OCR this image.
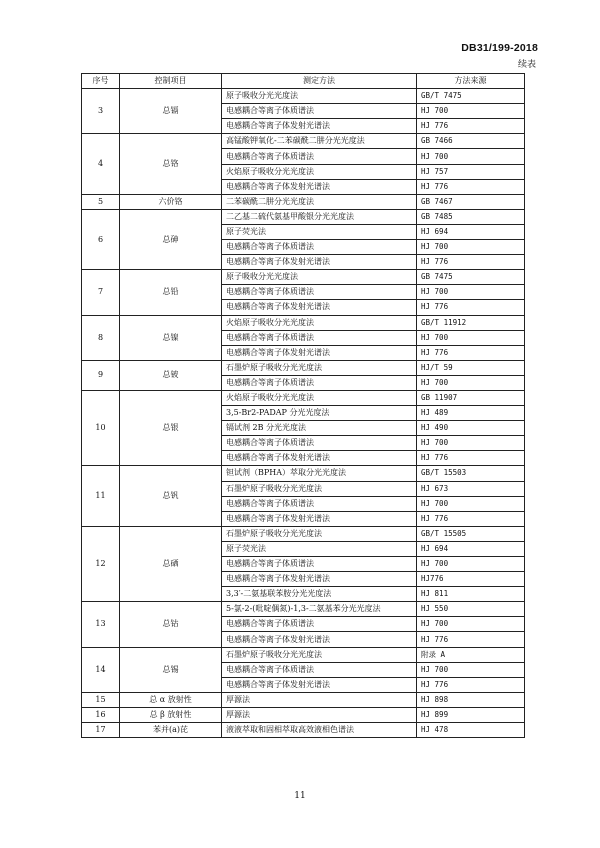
DB31/199-2018
续表
序号	控制项目	测定方法	方法来源
3	总镉	原子吸收分光光度法	GB/T 7475
		电感耦合等离子体质谱法	HJ 700
		电感耦合等离子体发射光谱法	HJ 776
4	总铬	高锰酸钾氧化-二苯碳酰二肼分光光度法	GB 7466
		电感耦合等离子体质谱法	HJ 700
		火焰原子吸收分光光度法	HJ 757
		电感耦合等离子体发射光谱法	HJ 776
5	六价铬	二苯碳酰二肼分光光度法	GB 7467
6	总砷	二乙基二硫代氨基甲酸银分光光度法	GB 7485
		原子荧光法	HJ 694
		电感耦合等离子体质谱法	HJ 700
		电感耦合等离子体发射光谱法	HJ 776
7	总铅	原子吸收分光光度法	GB 7475
		电感耦合等离子体质谱法	HJ 700
		电感耦合等离子体发射光谱法	HJ 776
8	总镍	火焰原子吸收分光光度法	GB/T 11912
		电感耦合等离子体质谱法	HJ 700
		电感耦合等离子体发射光谱法	HJ 776
9	总铍	石墨炉原子吸收分光光度法	HJ/T 59
		电感耦合等离子体质谱法	HJ 700
10	总银	火焰原子吸收分光光度法	GB 11907
		3,5-Br2-PADAP 分光光度法	HJ 489
		镉试剂 2B 分光光度法	HJ 490
		电感耦合等离子体质谱法	HJ 700
		电感耦合等离子体发射光谱法	HJ 776
11	总钒	钽试剂（BPHA）萃取分光光度法	GB/T 15503
		石墨炉原子吸收分光光度法	HJ 673
		电感耦合等离子体质谱法	HJ 700
		电感耦合等离子体发射光谱法	HJ 776
12	总硒	石墨炉原子吸收分光光度法	GB/T 15505
		原子荧光法	HJ 694
		电感耦合等离子体质谱法	HJ 700
		电感耦合等离子体发射光谱法	HJ776
		3,3′-二氨基联苯胺分光光度法	HJ 811
13	总钴	5-氯-2-(吡啶偶氮)-1,3-二氨基苯分光光度法	HJ 550
		电感耦合等离子体质谱法	HJ 700
		电感耦合等离子体发射光谱法	HJ 776
14	总锡	石墨炉原子吸收分光光度法	附录 A
		电感耦合等离子体质谱法	HJ 700
		电感耦合等离子体发射光谱法	HJ 776
15	总 α 放射性	厚源法	HJ 898
16	总 β 放射性	厚源法	HJ 899
17	苯并(a)芘	液液萃取和固相萃取高效液相色谱法	HJ 478
11
